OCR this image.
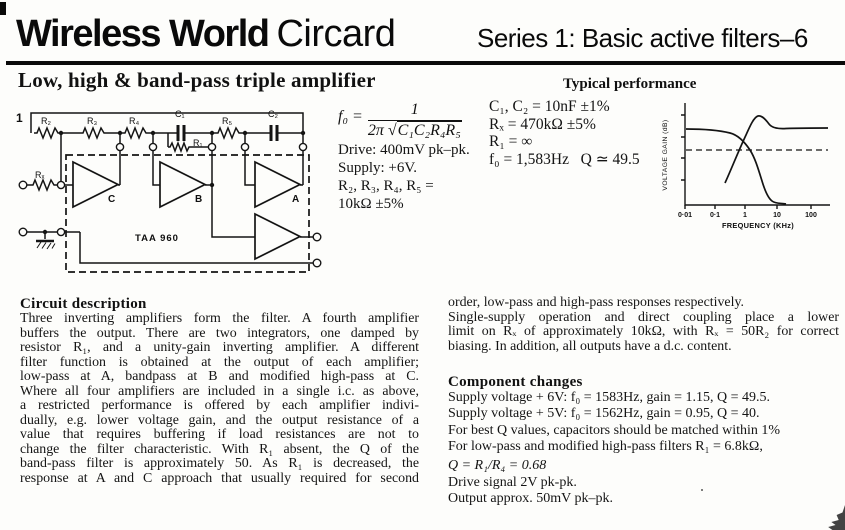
Wireless World Circard	Series 1: Basic active filters–6
Low, high & band-pass triple amplifier	Typical performance
1 R₂	R₃	R₄
C₁
R₁
R₅
C₂
Rₓ
C	B	A
TAA 960
$f_0 = \frac{1}{\text{2π √C₁C₂R₄R₅}}$
Drive: 400mV pk–pk.
Supply: +6V.
R₂, R₃, R₄, R₅ =
10kΩ ±5%
C₁, C₂ = 10nF ±1%
Rₓ = 470kΩ ±5%
R₁ = ∞
f₀ = 1,583Hz   Q ≃ 49.5	VOLTAGE GAIN (dB)
0·01	0·1	1	10	100
FREQUENCY (KHz)
Circuit description
Three inverting amplifiers form the filter. A fourth amplifier
buffers the output. There are two integrators, one damped by
resistor R₁, and a unity-gain inverting amplifier. A different
filter function is obtained at the output of each amplifier;
low-pass at A, bandpass at B and modified high-pass at C.
Where all four amplifiers are included in a single i.c. as above,
a restricted performance is offered by each amplifier indivi-
dually, e.g. lower voltage gain, and the output resistance of a
value that requires buffering if load resistances are not to
change the filter characteristic. With R₁ absent, the Q of the
band-pass filter is approximately 50. As R₁ is decreased, the
response at A and C approach that usually required for second
order, low-pass and high-pass responses respectively.
Single-supply operation and direct coupling place a lower
limit on Rₓ of approximately 10kΩ, with Rₓ = 50R₂ for correct
biasing. In addition, all outputs have a d.c. content.
Component changes
Supply voltage + 6V: f₀ = 1583Hz, gain = 1.15, Q = 49.5.
Supply voltage + 5V: f₀ = 1562Hz, gain = 0.95, Q = 40.
For best Q values, capacitors should be matched within 1%
For low-pass and modified high-pass filters R₁ = 6.8kΩ,
Q = R₁/R₄ = 0.68
Drive signal 2V pk-pk.
Output approx. 50mV pk–pk.
